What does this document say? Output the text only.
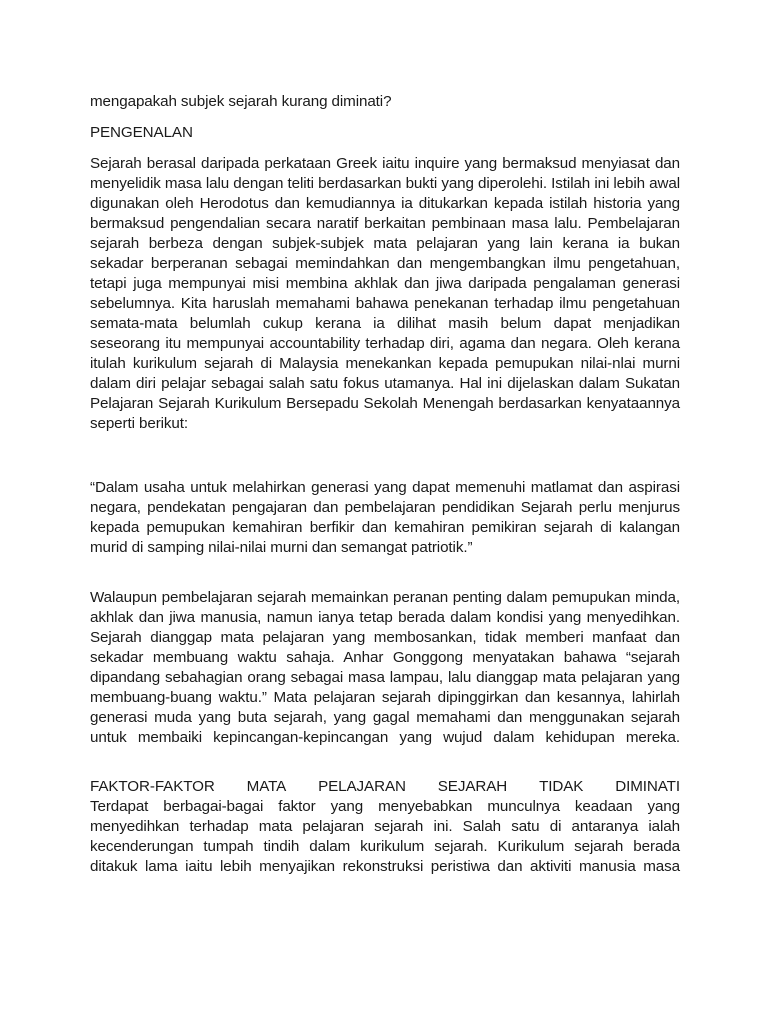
mengapakah subjek sejarah kurang diminati?

PENGENALAN

Sejarah berasal daripada perkataan Greek iaitu inquire yang bermaksud menyiasat dan menyelidik masa lalu dengan teliti berdasarkan bukti yang diperolehi. Istilah ini lebih awal digunakan oleh Herodotus dan kemudiannya ia ditukarkan kepada istilah historia yang bermaksud pengendalian secara naratif berkaitan pembinaan masa lalu. Pembelajaran sejarah berbeza dengan subjek-subjek mata pelajaran yang lain kerana ia bukan sekadar berperanan sebagai memindahkan dan mengembangkan ilmu pengetahuan, tetapi juga mempunyai misi membina akhlak dan jiwa daripada pengalaman generasi sebelumnya. Kita haruslah memahami bahawa penekanan terhadap ilmu pengetahuan semata-mata belumlah cukup kerana ia dilihat masih belum dapat menjadikan seseorang itu mempunyai accountability terhadap diri, agama dan negara. Oleh kerana itulah kurikulum sejarah di Malaysia menekankan kepada pemupukan nilai-nlai murni dalam diri pelajar sebagai salah satu fokus utamanya. Hal ini dijelaskan dalam Sukatan Pelajaran Sejarah Kurikulum Bersepadu Sekolah Menengah berdasarkan kenyataannya seperti berikut:

“Dalam usaha untuk melahirkan generasi yang dapat memenuhi matlamat dan aspirasi negara, pendekatan pengajaran dan pembelajaran pendidikan Sejarah perlu menjurus kepada pemupukan kemahiran berfikir dan kemahiran pemikiran sejarah di kalangan murid di samping nilai-nilai murni dan semangat patriotik.”

Walaupun pembelajaran sejarah memainkan peranan penting dalam pemupukan minda, akhlak dan jiwa manusia, namun ianya tetap berada dalam kondisi yang menyedihkan. Sejarah dianggap mata pelajaran yang membosankan, tidak memberi manfaat dan sekadar membuang waktu sahaja. Anhar Gonggong menyatakan bahawa “sejarah dipandang sebahagian orang sebagai masa lampau, lalu dianggap mata pelajaran yang membuang-buang waktu.” Mata pelajaran sejarah dipinggirkan dan kesannya, lahirlah generasi muda yang buta sejarah, yang gagal memahami dan menggunakan sejarah untuk membaiki kepincangan-kepincangan yang wujud dalam kehidupan mereka.

FAKTOR-FAKTOR MATA PELAJARAN SEJARAH TIDAK DIMINATI

Terdapat berbagai-bagai faktor yang menyebabkan munculnya keadaan yang menyedihkan terhadap mata pelajaran sejarah ini. Salah satu di antaranya ialah kecenderungan tumpah tindih dalam kurikulum sejarah. Kurikulum sejarah berada ditakuk lama iaitu lebih menyajikan rekonstruksi peristiwa dan aktiviti manusia masa
